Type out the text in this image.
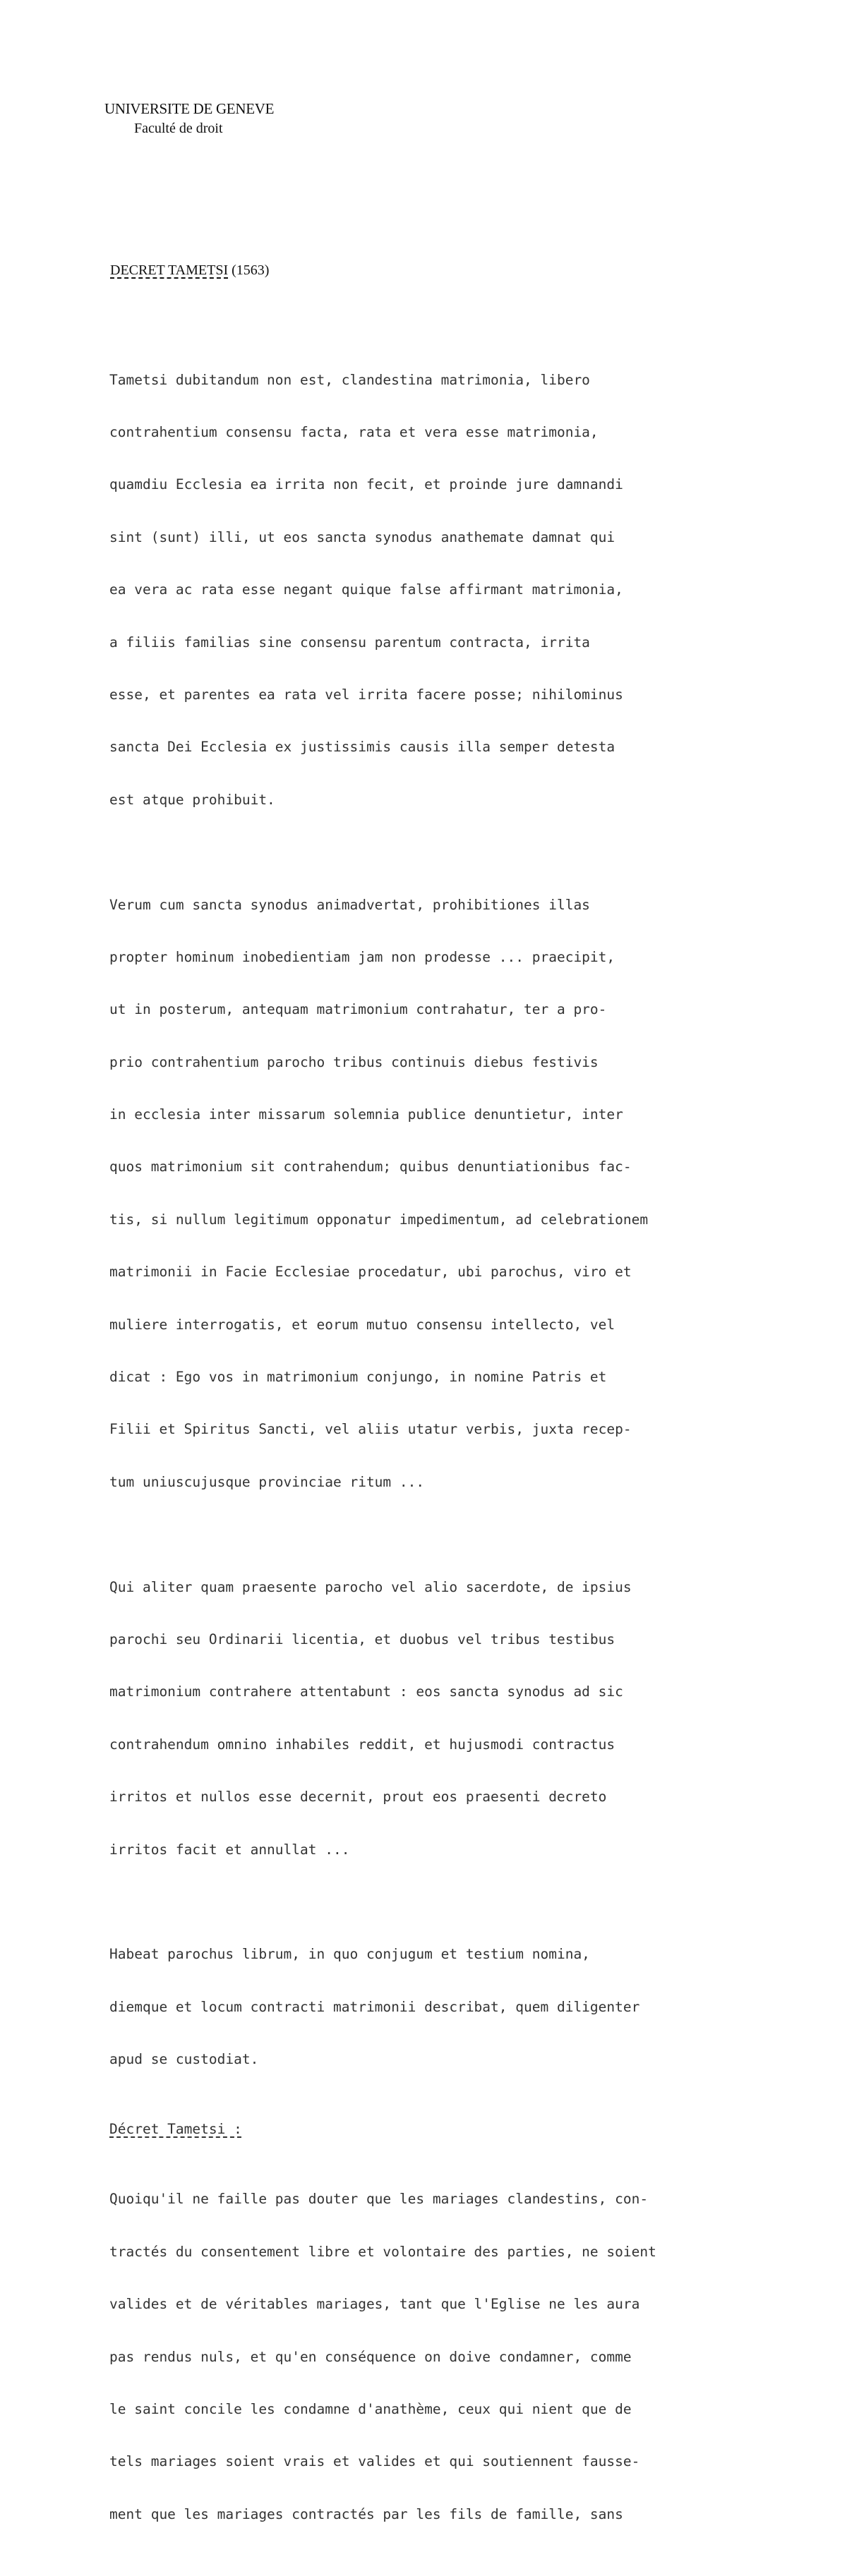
UNIVERSITE DE GENEVE
Faculté de droit
DECRET TAMETSI (1563)

Tametsi dubitandum non est, clandestina matrimonia, libero

contrahentium consensu facta, rata et vera esse matrimonia,

quamdiu Ecclesia ea irrita non fecit, et proinde jure damnandi

sint (sunt) illi, ut eos sancta synodus anathemate damnat qui

ea vera ac rata esse negant quique false affirmant matrimonia,

a filiis familias sine consensu parentum contracta, irrita

esse, et parentes ea rata vel irrita facere posse; nihilominus

sancta Dei Ecclesia ex justissimis causis illa semper detesta

est atque prohibuit.

Verum cum sancta synodus animadvertat, prohibitiones illas

propter hominum inobedientiam jam non prodesse ... praecipit,

ut in posterum, antequam matrimonium contrahatur, ter a pro-

prio contrahentium parocho tribus continuis diebus festivis

in ecclesia inter missarum solemnia publice denuntietur, inter

quos matrimonium sit contrahendum; quibus denuntiationibus fac-

tis, si nullum legitimum opponatur impedimentum, ad celebrationem

matrimonii in Facie Ecclesiae procedatur, ubi parochus, viro et

muliere interrogatis, et eorum mutuo consensu intellecto, vel

dicat : Ego vos in matrimonium conjungo, in nomine Patris et

Filii et Spiritus Sancti, vel aliis utatur verbis, juxta recep-

tum uniuscujusque provinciae ritum ...

Qui aliter quam praesente parocho vel alio sacerdote, de ipsius

parochi seu Ordinarii licentia, et duobus vel tribus testibus

matrimonium contrahere attentabunt : eos sancta synodus ad sic

contrahendum omnino inhabiles reddit, et hujusmodi contractus

irritos et nullos esse decernit, prout eos praesenti decreto

irritos facit et annullat ...

Habeat parochus librum, in quo conjugum et testium nomina,

diemque et locum contracti matrimonii describat, quem diligenter

apud se custodiat.

Décret Tametsi :

Quoiqu'il ne faille pas douter que les mariages clandestins, con-

tractés du consentement libre et volontaire des parties, ne soient

valides et de véritables mariages, tant que l'Eglise ne les aura

pas rendus nuls, et qu'en conséquence on doive condamner, comme

le saint concile les condamne d'anathème, ceux qui nient que de

tels mariages soient vrais et valides et qui soutiennent fausse-

ment que les mariages contractés par les fils de famille, sans
